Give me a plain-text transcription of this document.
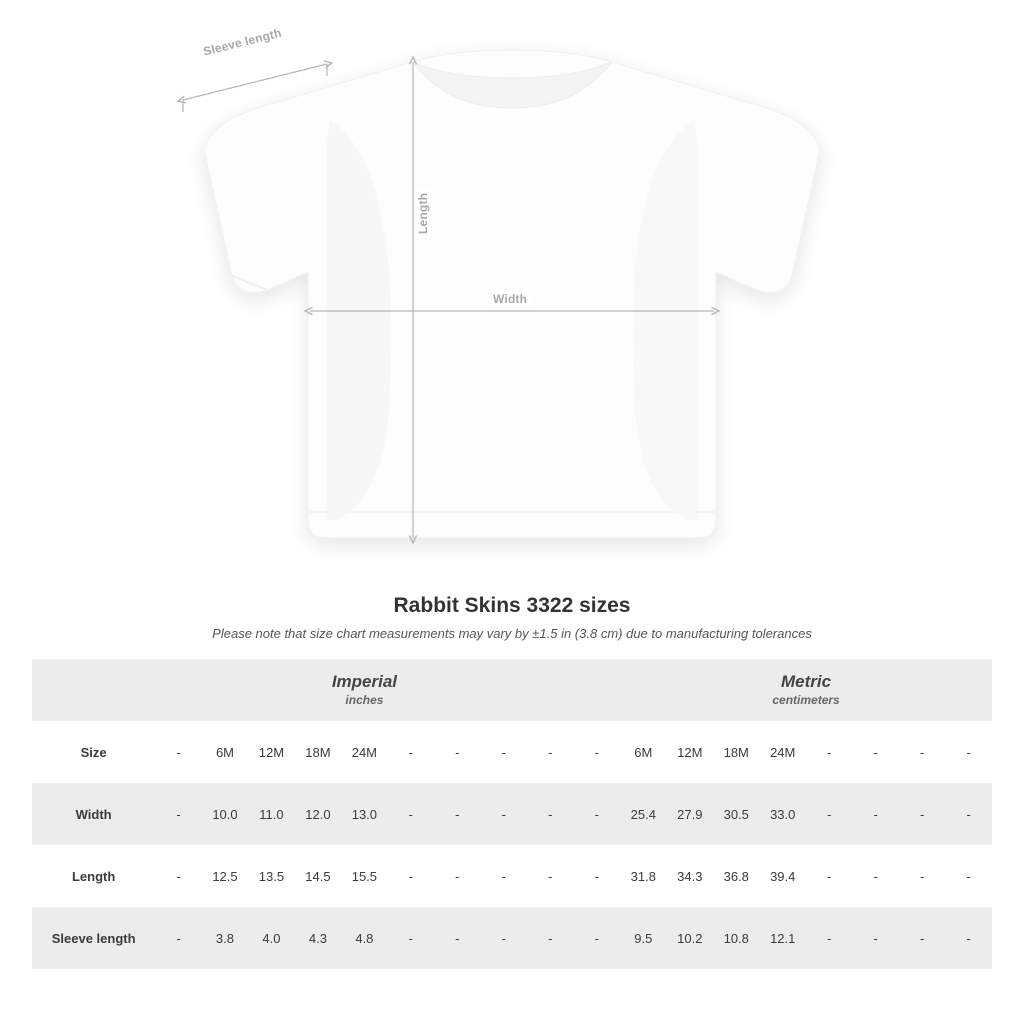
Sleeve length
Length
Width
Rabbit Skins 3322 sizes

Please note that size chart measurements may vary by ±1.5 in (3.8 cm) due to manufacturing tolerances

	Imperial
inches										Metric
centimeters							

Size	-	6M	12M	18M	24M	-	-	-	-	-	6M	12M	18M	24M	-	-	-	-
Width	-	10.0	11.0	12.0	13.0	-	-	-	-	-	25.4	27.9	30.5	33.0	-	-	-	-
Length	-	12.5	13.5	14.5	15.5	-	-	-	-	-	31.8	34.3	36.8	39.4	-	-	-	-
Sleeve length	-	3.8	4.0	4.3	4.8	-	-	-	-	-	9.5	10.2	10.8	12.1	-	-	-	-
